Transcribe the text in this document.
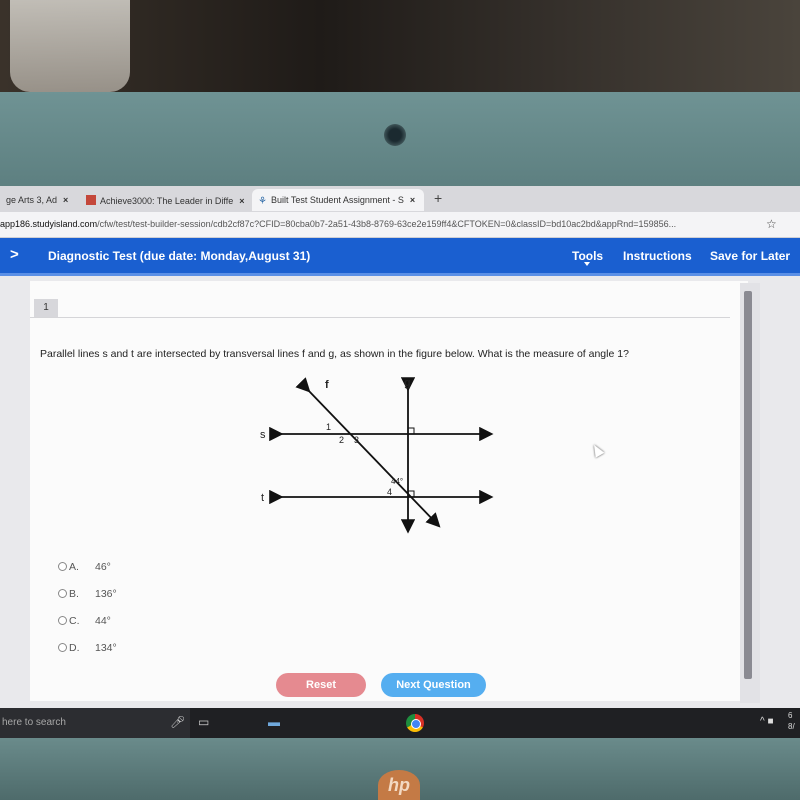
ge Arts 3, Ad ×	Achieve3000: The Leader in Diffe ×	⚘ Built Test Student Assignment - S ×	+
app186.studyisland.com/cfw/test/test-builder-session/cdb2cf87c?CFID=80cba0b7-2a51-43b8-8769-63ce2e159ff4&CFTOKEN=0&classID=bd10ac2bd&appRnd=159856...	☆
> Diagnostic Test (due date: Monday,August 31)	Tools Instructions Save for Later
1
Parallel lines s and t are intersected by transversal lines f and g, as shown in the figure below. What is the measure of angle 1?
f	g
s
t
1
2 3
4
44°
A. 46°
B. 136°
C. 44°
D. 134°
Reset	Next Question
here to search	🎤︎ ▭	▬	^ ■
6
8/
hp
